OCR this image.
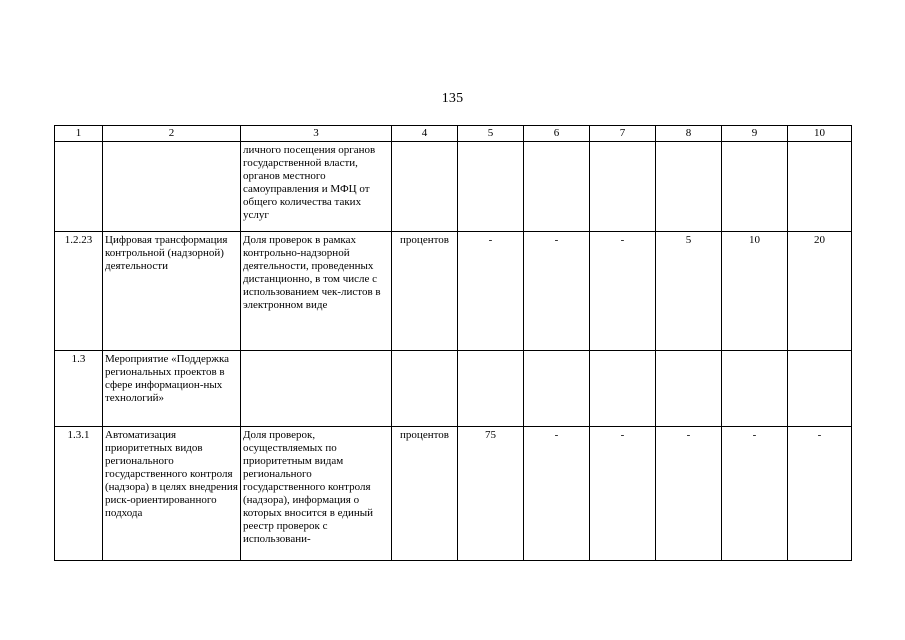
135
1	2	3	4	5	6	7	8	9	10
		личного посещения органов государственной власти, органов местного самоуправления и МФЦ от общего количества таких услуг							
1.2.23	Цифровая трансформация контрольной (надзорной) деятельности	Доля проверок в рамках контрольно-надзорной деятельности, проведенных дистанционно, в том числе с использованием чек-листов в электронном виде	процентов	-	-	-	5	10	20
1.3	Мероприятие «Поддержка региональных проектов в сфере информацион-ных технологий»								
1.3.1	Автоматизация приоритетных видов регионального государственного контроля (надзора) в целях внедрения риск-ориентированного подхода	Доля проверок, осуществляемых по приоритетным видам регионального государственного контроля (надзора), информация о которых вносится в единый реестр проверок с использовани-	процентов	75	-	-	-	-	-
